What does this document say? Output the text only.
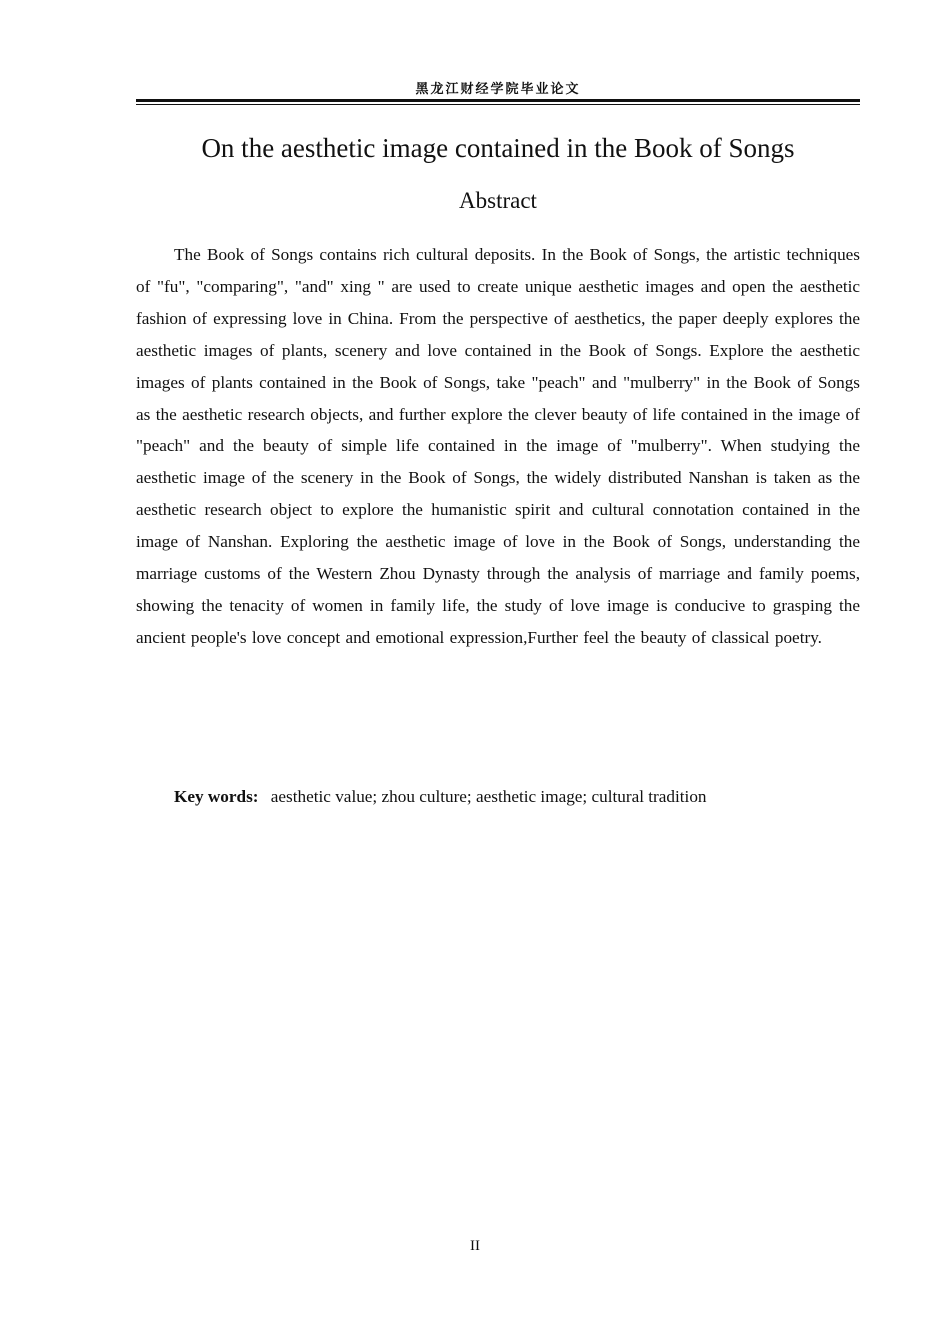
黑龙江财经学院毕业论文
On the aesthetic image contained in the Book of Songs
Abstract

The Book of Songs contains rich cultural deposits. In the Book of Songs, the artistic techniques of "fu", "comparing", "and" xing " are used to create unique aesthetic images and open the aesthetic fashion of expressing love in China. From the perspective of aesthetics, the paper deeply explores the aesthetic images of plants, scenery and love contained in the Book of Songs. Explore the aesthetic images of plants contained in the Book of Songs, take "peach" and "mulberry" in the Book of Songs as the aesthetic research objects, and further explore the clever beauty of life contained in the image of "peach" and the beauty of simple life contained in the image of "mulberry". When studying the aesthetic image of the scenery in the Book of Songs, the widely distributed Nanshan is taken as the aesthetic research object to explore the humanistic spirit and cultural connotation contained in the image of Nanshan. Exploring the aesthetic image of love in the Book of Songs, understanding the marriage customs of the Western Zhou Dynasty through the analysis of marriage and family poems, showing the tenacity of women in family life, the study of love image is conducive to grasping the ancient people's love concept and emotional expression,Further feel the beauty of classical poetry.

Key words: aesthetic value; zhou culture; aesthetic image; cultural tradition
II
